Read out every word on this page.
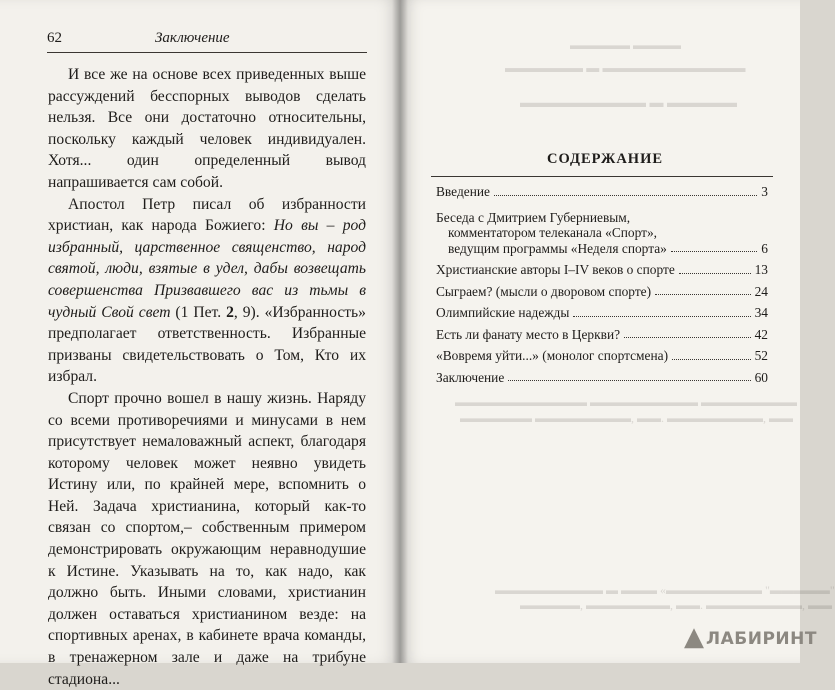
▬▬
62	Заключение

И все же на основе всех приведенных выше рассуждений бесспорных выводов сделать нельзя. Все они достаточно относительны, поскольку каждый человек индивидуален. Хотя... один определенный вывод напрашивается сам собой.

Апостол Петр писал об избранности христиан, как народа Божиего: Но вы – род избранный, царственное священство, народ святой, люди, взятые в удел, дабы возвещать совершенства Призвавшего вас из тьмы в чудный Свой свет (1 Пет. 2, 9). «Избранность» предполагает ответственность. Избранные призваны свидетельствовать о Том, Кто их избрал.

Спорт прочно вошел в нашу жизнь. Наряду со всеми противоречиями и минусами в нем присутствует немаловажный аспект, благодаря которому человек может неявно увидеть Истину или, по крайней мере, вспомнить о Ней. Задача христианина, который как-то связан со спортом,– собственным примером демонстрировать окружающим неравнодушие к Истине. Указывать на то, как надо, как должно быть. Иными словами, христианин должен оставаться христианином везде: на спортивных аренах, в кабинете врача команды, в тренажерном зале и даже на трибуне стадиона...

СОДЕРЖАНИЕ
Введение	3
Беседа с Дмитрием Губерниевым,
комментатором телеканала «Спорт»,
ведущим программы «Неделя спорта»	6
Христианские авторы I–IV веков о спорте	13
Сыграем? (мысли о дворовом спорте)	24
Олимпийские надежды	34
Есть ли фанату место в Церкви?	42
«Вовремя уйти...» (монолог спортсмена)	52
Заключение	60
▲ ЛАБИРИНТ
